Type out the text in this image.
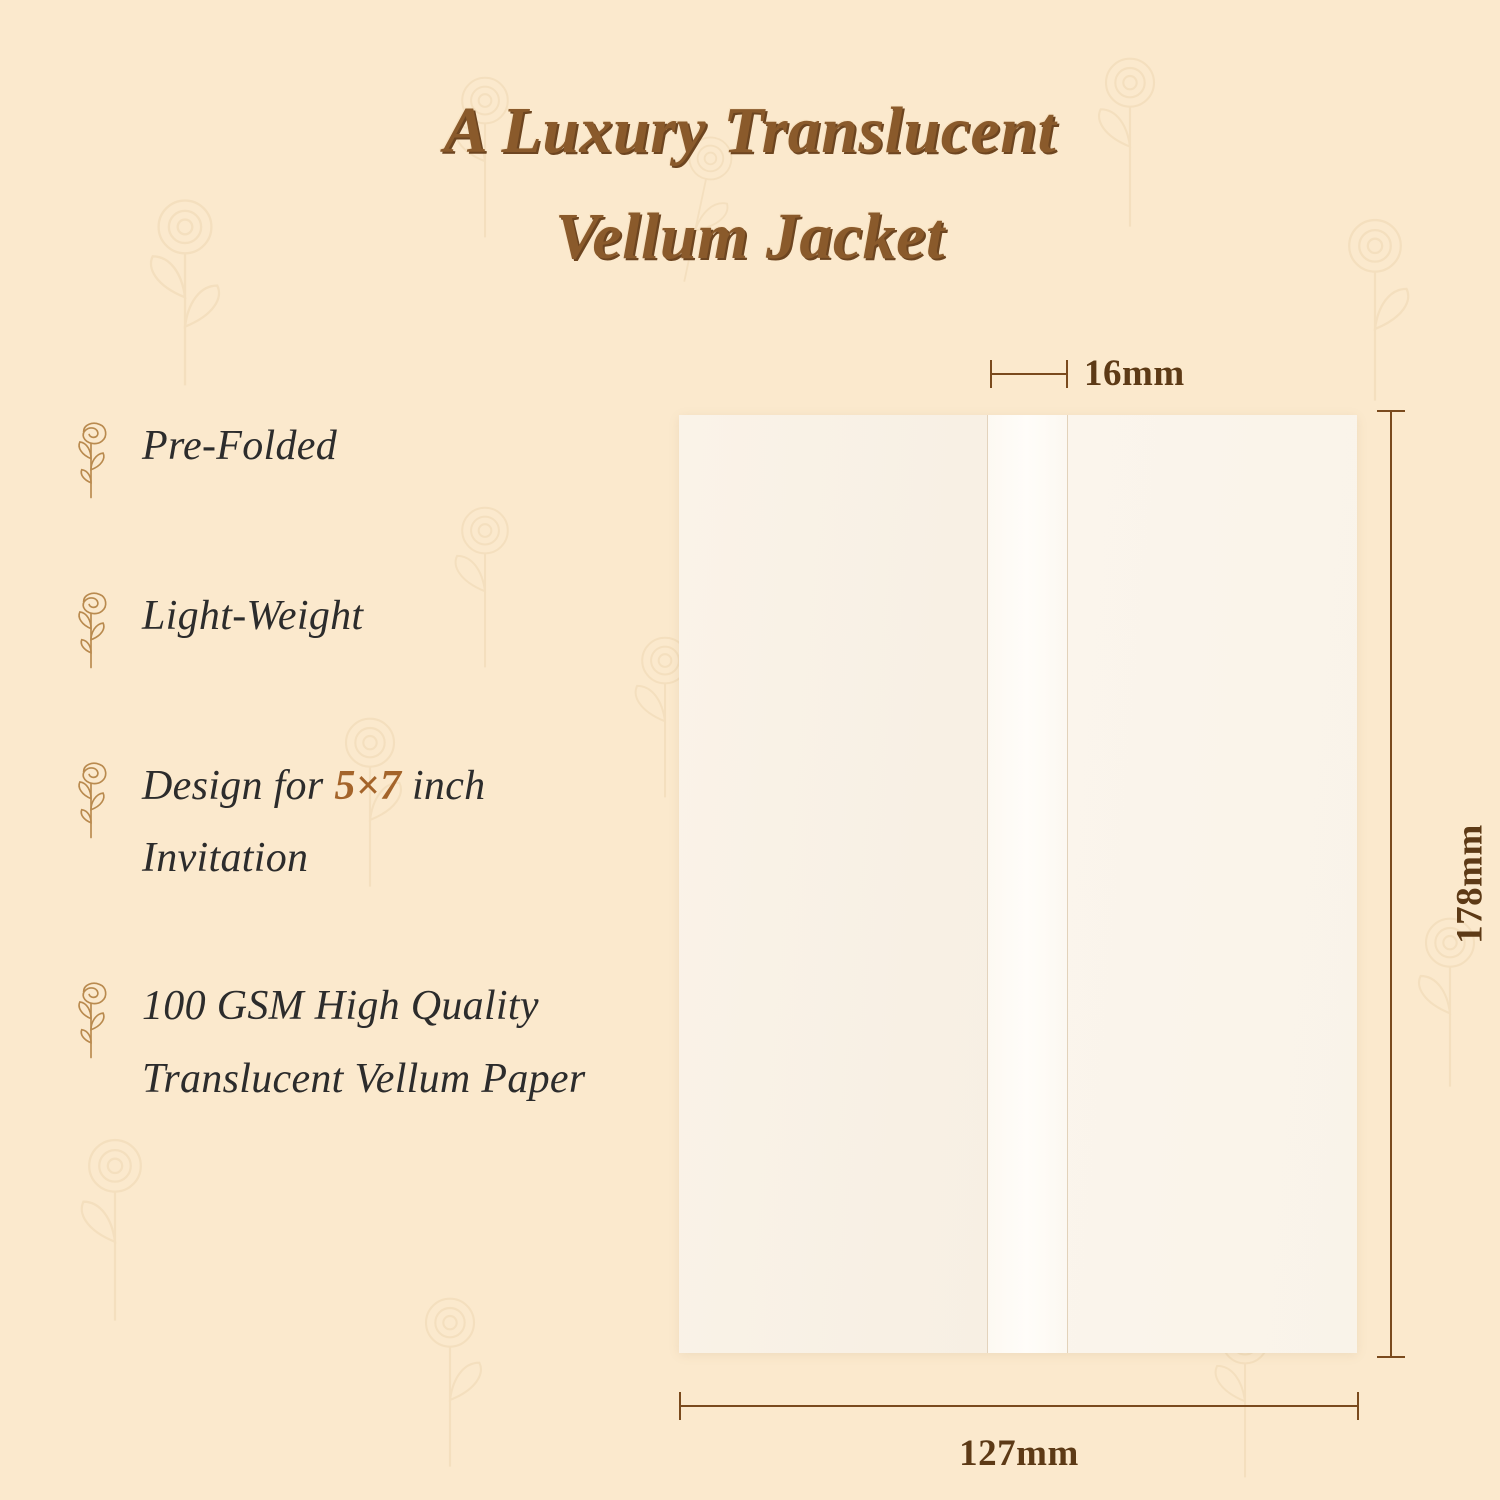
A Luxury Translucent
Vellum Jacket
Pre-Folded
Light-Weight
Design for 5×7 inch Invitation
100 GSM High Quality Translucent Vellum Paper
16mm
178mm
127mm
